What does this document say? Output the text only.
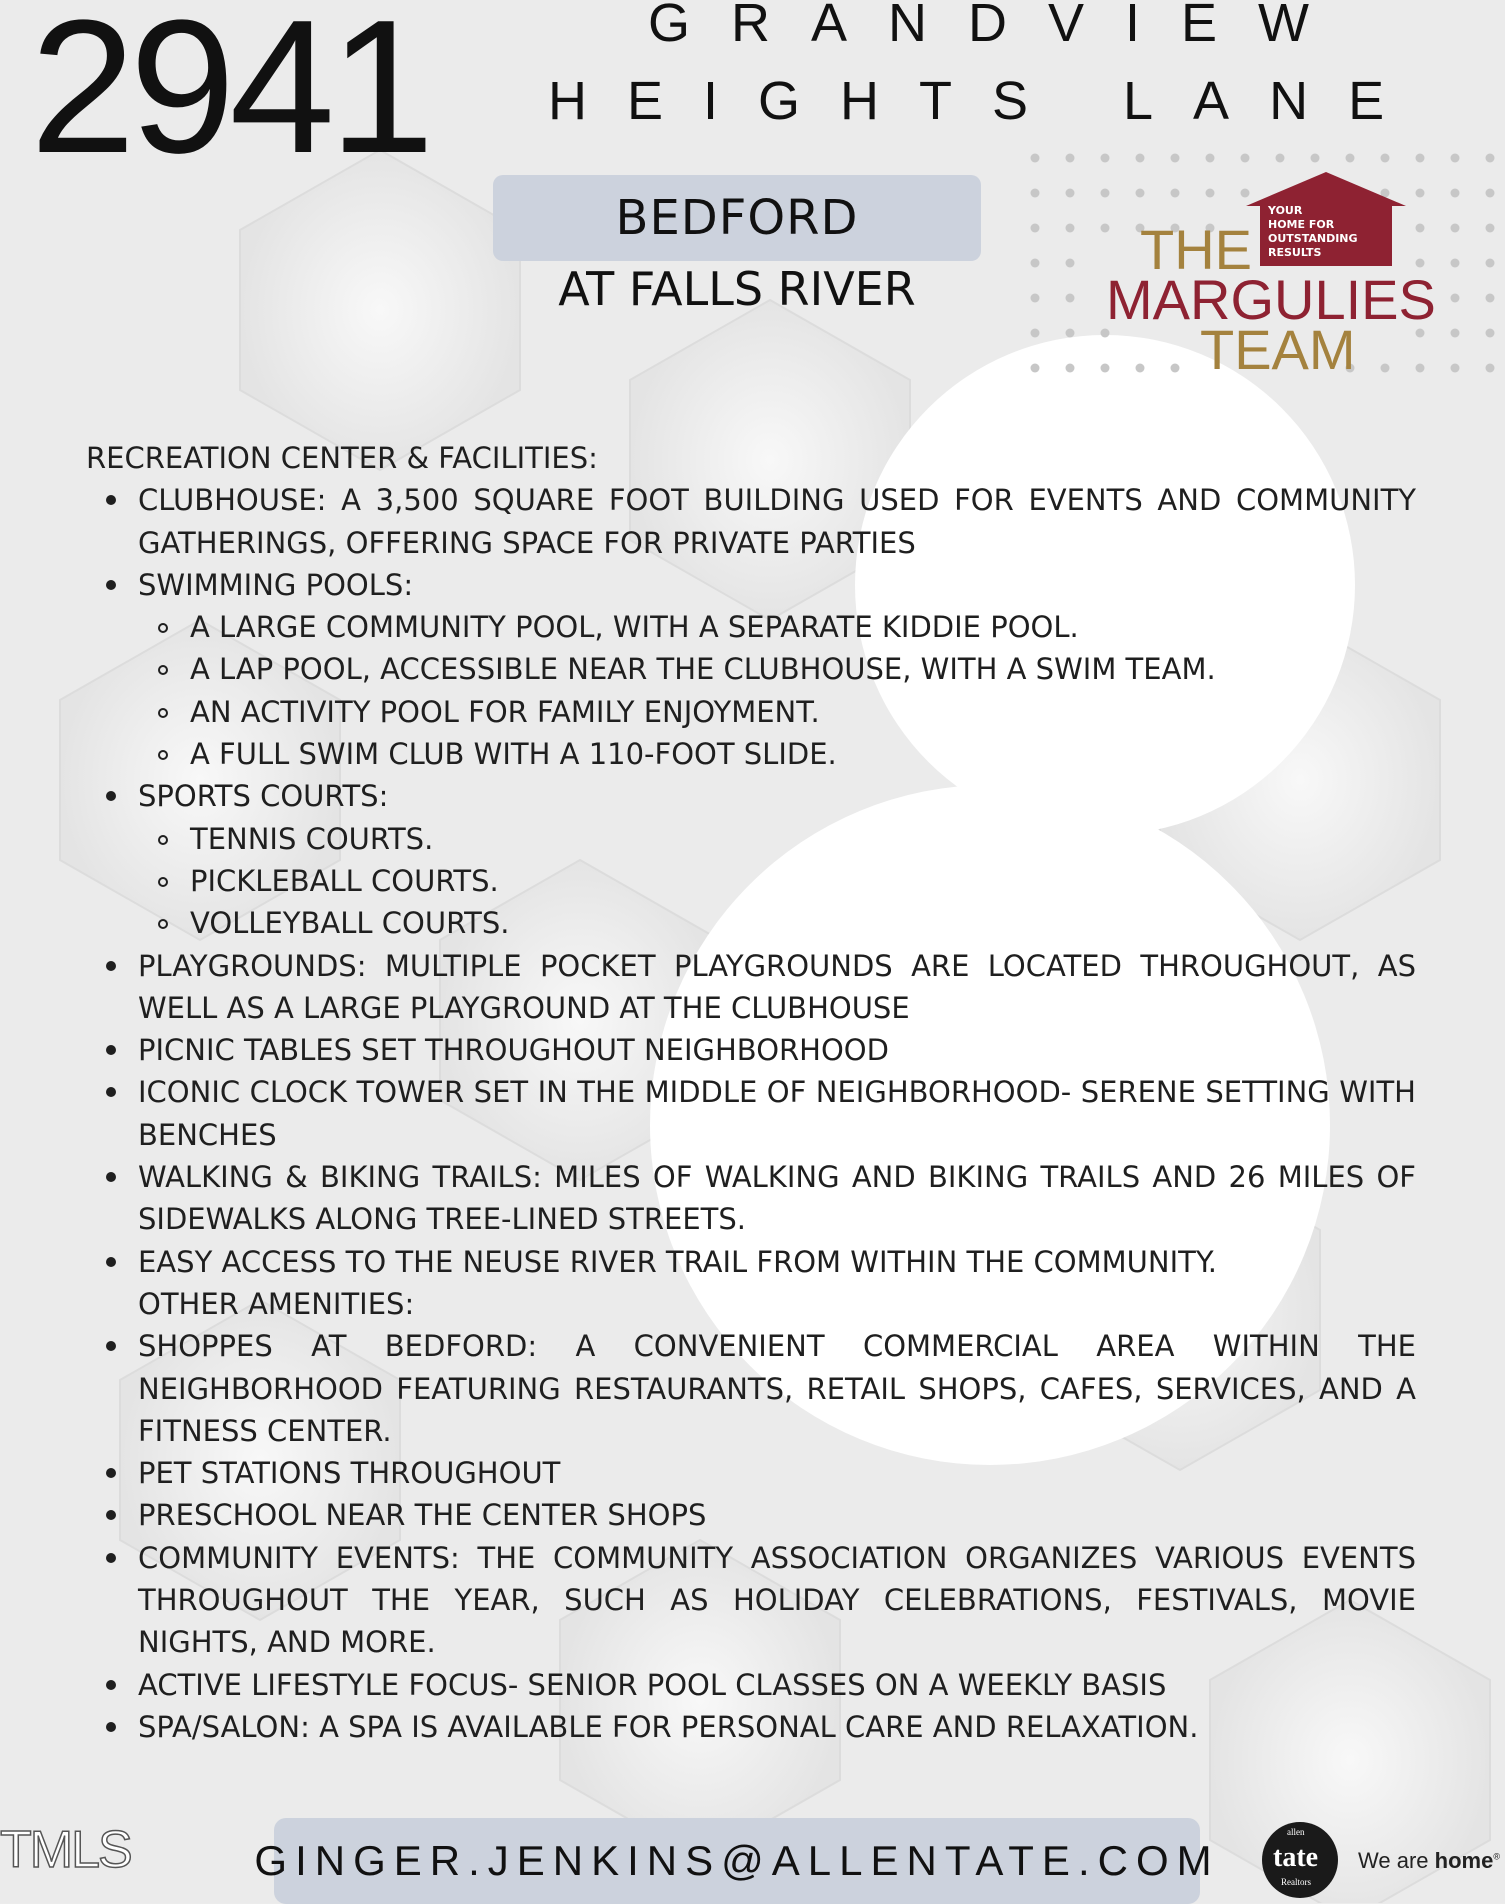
2941	GRANDVIEW
HEIGHTS LANE
BEDFORD
AT FALLS RIVER
YOUR
HOME FOR
OUTSTANDING
RESULTS
THE
MARGULIES
TEAM

RECREATION CENTER & FACILITIES:

CLUBHOUSE: A 3,500 SQUARE FOOT BUILDING USED FOR EVENTS AND COMMUNITY GATHERINGS, OFFERING SPACE FOR PRIVATE PARTIES
SWIMMING POOLS:
A LARGE COMMUNITY POOL, WITH A SEPARATE KIDDIE POOL.
A LAP POOL, ACCESSIBLE NEAR THE CLUBHOUSE, WITH A SWIM TEAM.
AN ACTIVITY POOL FOR FAMILY ENJOYMENT.
A FULL SWIM CLUB WITH A 110-FOOT SLIDE.
SPORTS COURTS:
TENNIS COURTS.
PICKLEBALL COURTS.
VOLLEYBALL COURTS.
PLAYGROUNDS: MULTIPLE POCKET PLAYGROUNDS ARE LOCATED THROUGHOUT, AS WELL AS A LARGE PLAYGROUND AT THE CLUBHOUSE
PICNIC TABLES SET THROUGHOUT NEIGHBORHOOD
ICONIC CLOCK TOWER SET IN THE MIDDLE OF NEIGHBORHOOD- SERENE SETTING WITH BENCHES
WALKING & BIKING TRAILS: MILES OF WALKING AND BIKING TRAILS AND 26 MILES OF SIDEWALKS ALONG TREE-LINED STREETS.
EASY ACCESS TO THE NEUSE RIVER TRAIL FROM WITHIN THE COMMUNITY.
OTHER AMENITIES:
SHOPPES AT BEDFORD: A CONVENIENT COMMERCIAL AREA WITHIN THE NEIGHBORHOOD FEATURING RESTAURANTS, RETAIL SHOPS, CAFES, SERVICES, AND A FITNESS CENTER.
PET STATIONS THROUGHOUT
PRESCHOOL NEAR THE CENTER SHOPS
COMMUNITY EVENTS: THE COMMUNITY ASSOCIATION ORGANIZES VARIOUS EVENTS THROUGHOUT THE YEAR, SUCH AS HOLIDAY CELEBRATIONS, FESTIVALS, MOVIE NIGHTS, AND MORE.
ACTIVE LIFESTYLE FOCUS- SENIOR POOL CLASSES ON A WEEKLY BASIS
SPA/SALON: A SPA IS AVAILABLE FOR PERSONAL CARE AND RELAXATION.
TMLS	GINGER.JENKINS@ALLENTATE.COM
allen
tate
Realtors
We are home®
